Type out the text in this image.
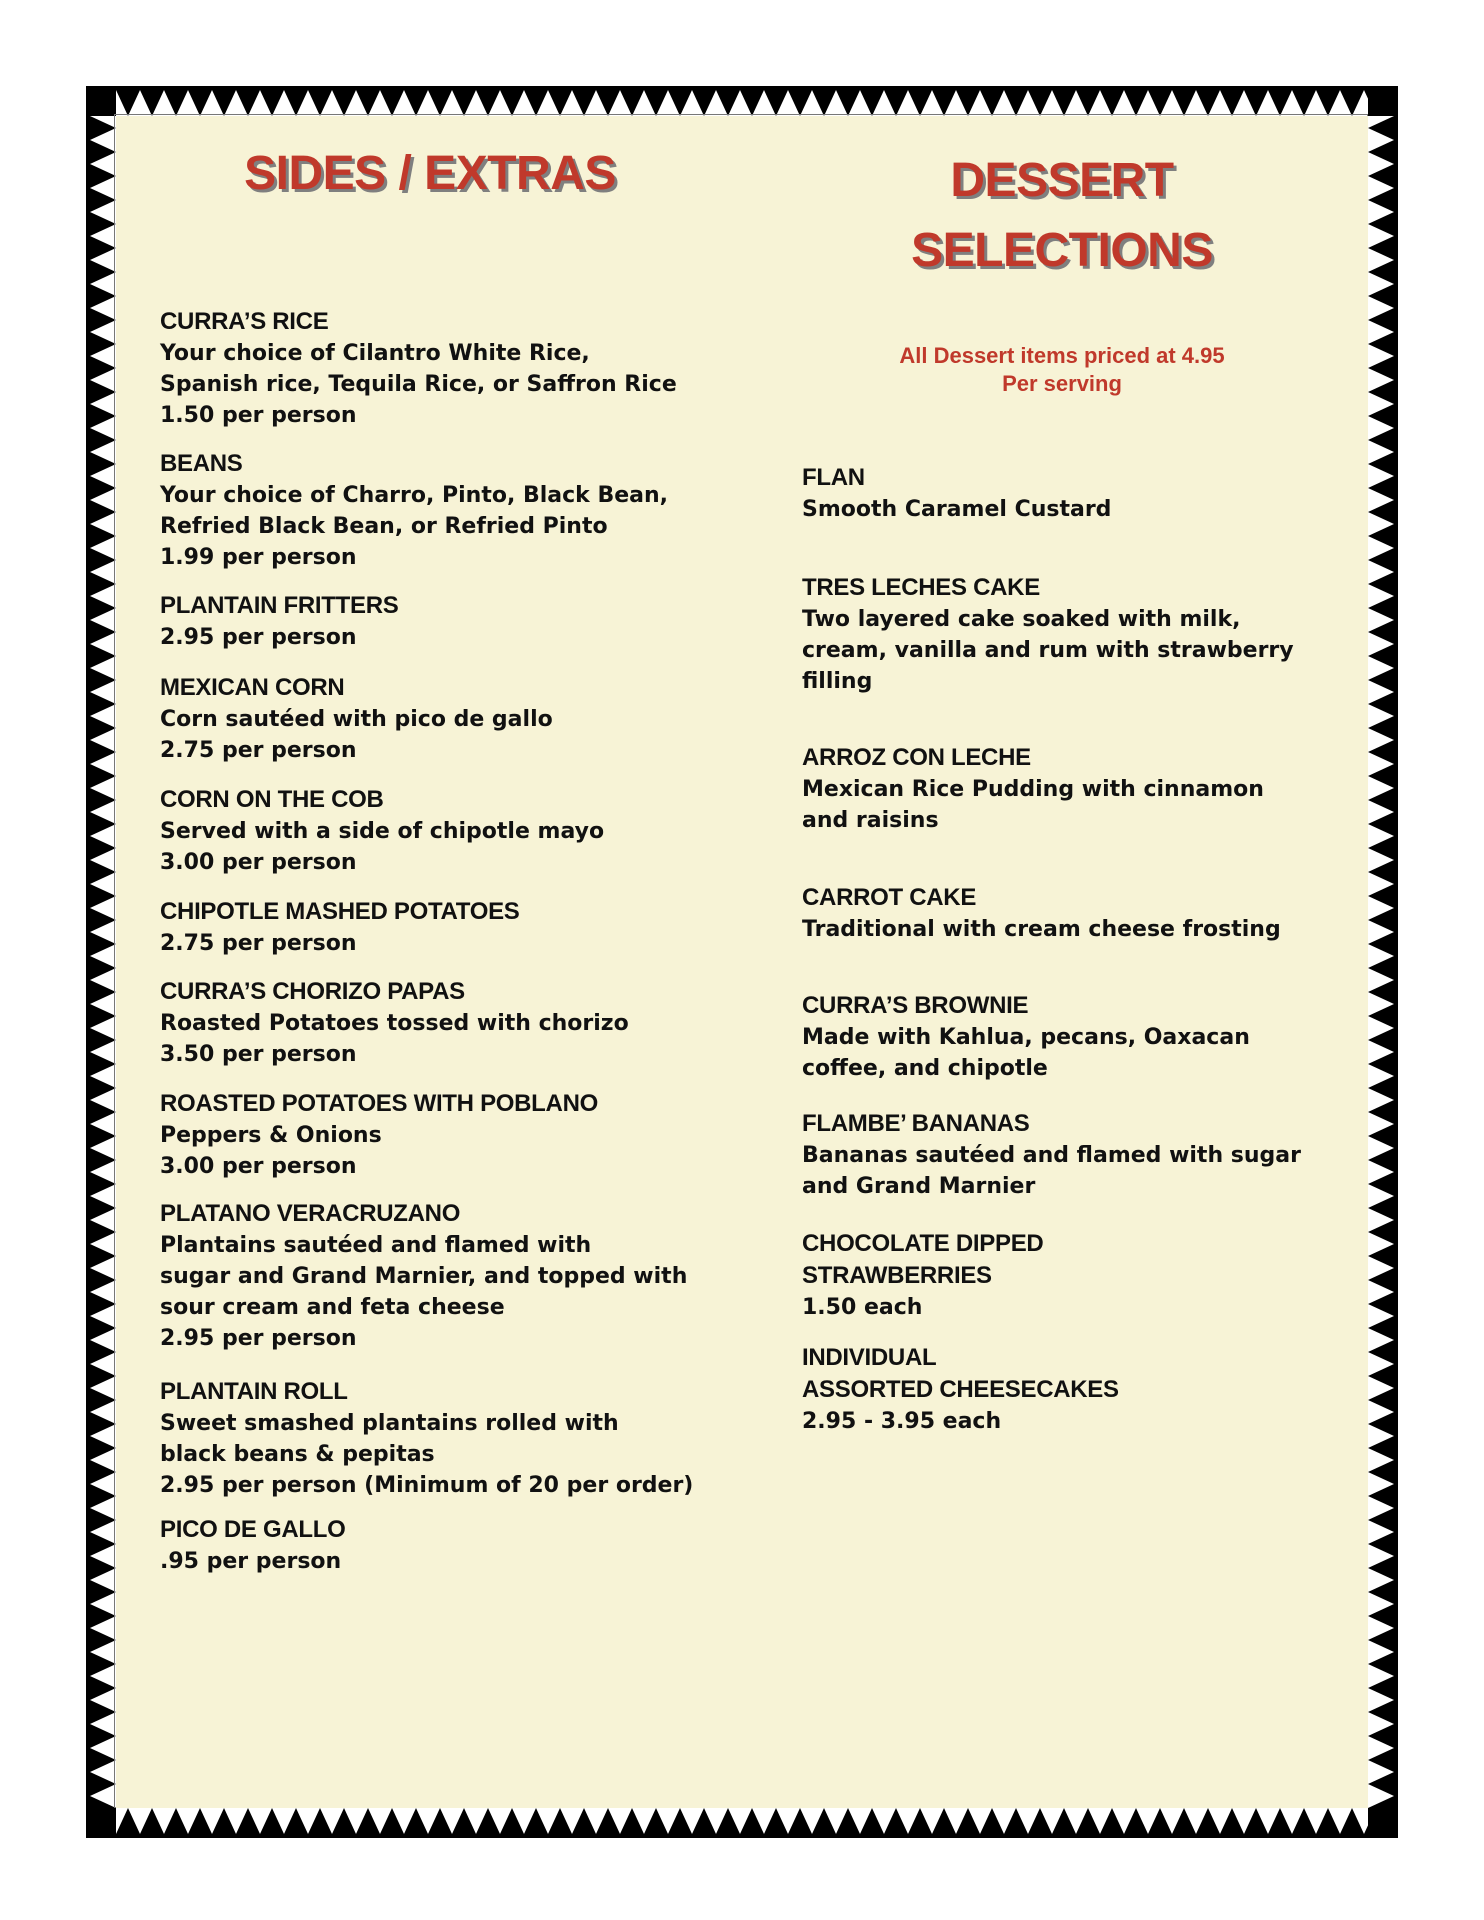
SIDES / EXTRAS
CURRA’S RICE
Your choice of Cilantro White Rice,
Spanish rice, Tequila Rice, or Saffron Rice
1.50 per person
BEANS
Your choice of Charro, Pinto, Black Bean,
Refried Black Bean, or Refried Pinto
1.99 per person
PLANTAIN FRITTERS
2.95 per person
MEXICAN CORN
Corn sautéed with pico de gallo
2.75 per person
CORN ON THE COB
Served with a side of chipotle mayo
3.00 per person
CHIPOTLE MASHED POTATOES
2.75 per person
CURRA’S CHORIZO PAPAS
Roasted Potatoes tossed with chorizo
3.50 per person
ROASTED POTATOES WITH POBLANO
Peppers & Onions
3.00 per person
PLATANO VERACRUZANO
Plantains sautéed and flamed with
sugar and Grand Marnier, and topped with
sour cream and feta cheese
2.95 per person
PLANTAIN ROLL
Sweet smashed plantains rolled with
black beans & pepitas
2.95 per person (Minimum of 20 per order)
PICO DE GALLO
.95 per person
DESSERT SELECTIONS
All Dessert items priced at 4.95
Per serving
FLAN
Smooth Caramel Custard
TRES LECHES CAKE
Two layered cake soaked with milk,
cream, vanilla and rum with strawberry
filling
ARROZ CON LECHE
Mexican Rice Pudding with cinnamon
and raisins
CARROT CAKE
Traditional with cream cheese frosting
CURRA’S BROWNIE
Made with Kahlua, pecans, Oaxacan
coffee, and chipotle
FLAMBE’ BANANAS
Bananas sautéed and flamed with sugar
and Grand Marnier
CHOCOLATE DIPPED
STRAWBERRIES
1.50 each
INDIVIDUAL
ASSORTED CHEESECAKES
2.95 - 3.95 each
